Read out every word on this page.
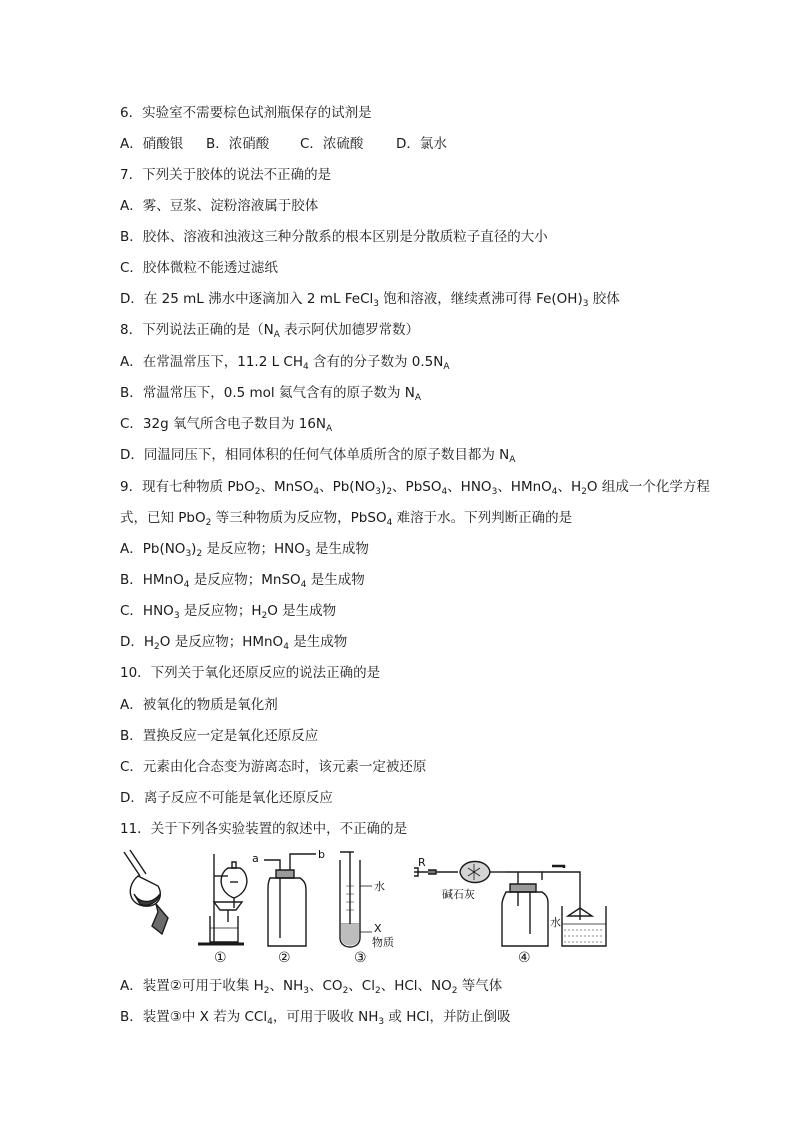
6．实验室不需要棕色试剂瓶保存的试剂是
A．硝酸银 B．浓硝酸 C．浓硫酸 D．氯水
7．下列关于胶体的说法不正确的是
A．雾、豆浆、淀粉溶液属于胶体
B．胶体、溶液和浊液这三种分散系的根本区别是分散质粒子直径的大小
C．胶体微粒不能透过滤纸
D．在 25 mL 沸水中逐滴加入 2 mL FeCl$_3$ 饱和溶液，继续煮沸可得 $Fe(OH)_3$ 胶体
8．下列说法正确的是（$N_A$ 表示阿伏加德罗常数）
A．在常温常压下，11.2 L $CH_4$ 含有的分子数为 $0.5N_A$
B．常温常压下，0.5 mol 氦气含有的原子数为 $N_A$
C．32g 氧气所含电子数目为 $16N_A$
D．同温同压下，相同体积的任何气体单质所含的原子数目都为 $N_A$
9．现有七种物质 PbO$_2$、MnSO$_4$、$Pb(NO_3)_2$、PbSO$_4$、$HNO_3$、HMnO$_4$、$H_2O$ 组成一个化学方程
式，已知 PbO$_2$ 等三种物质为反应物，PbSO$_4$ 难溶于水。下列判断正确的是
A．$Pb(NO_3)_2$ 是反应物；$HNO_3$ 是生成物
B．HMnO$_4$ 是反应物；MnSO$_4$ 是生成物
C．$HNO_3$ 是反应物；$H_2O$ 是生成物
D．$H_2O$ 是反应物；HMnO$_4$ 是生成物
10．下列关于氧化还原反应的说法正确的是
A．被氧化的物质是氧化剂
B．置换反应一定是氧化还原反应
C．元素由化合态变为游离态时，该元素一定被还原
D．离子反应不可能是氧化还原反应
11．关于下列各实验装置的叙述中，不正确的是
a	b
水
X
物质
R
碱石灰
水
①	②	③	④
A．装置②可用于收集 $H_2$、$NH_3$、$CO_2$、$Cl_2$、HCl、$NO_2$ 等气体
B．装置③中 X 若为 CCl$_4$，可用于吸收 $NH_3$ 或 HCl，并防止倒吸
